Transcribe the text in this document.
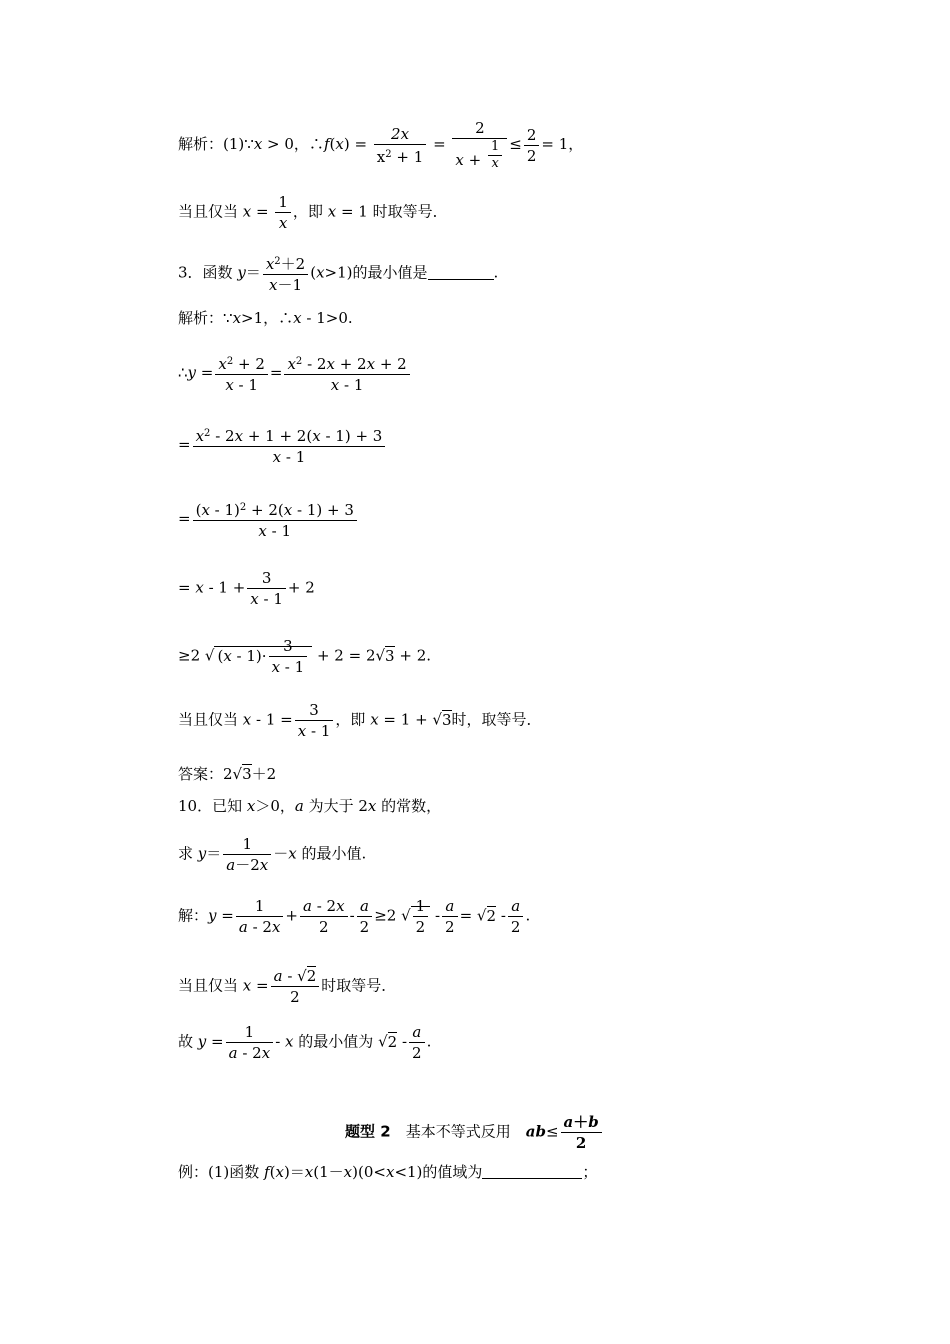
解析：(1)∵x > 0，∴f(x) = $\frac{2x}{x^2 + 1} = \frac{2}{x + \frac{1}{x}} \le \frac{2}{2} = 1$，
当且仅当 $x = \frac{1}{x}$ ，即 x = 1 时取等号．
3．函数 $y= \frac{x^2+2}{x-1} (x>1)$的最小值是	.
解析：∵x>1，∴x - 1>0.
∴y = $\frac{x^2 + 2}{x - 1} = \frac{x^2 - 2x + 2x + 2}{x - 1}$
= $\frac{x^2 - 2x + 1 + 2(x - 1) + 3}{x - 1}$
= $\frac{(x - 1)^2 + 2(x - 1) + 3}{x - 1}$
= $x - 1 + \frac{3}{x - 1} + 2$
≥2 √ $(x - 1)\cdot \frac{3}{x - 1} + 2 = 2√3 + 2$.
当且仅当 $x - 1 = \frac{3}{x - 1}$ ，即 x = 1 + √3时，取等号．
答案：2√3＋2
10．已知 x＞0，a 为大于 2x 的常数，
求 $y= \frac{1}{a-2x} -x$ 的最小值.
解：$y = \frac{1}{a - 2x} + \frac{a - 2x}{2} - \frac{a}{2} \ge 2$ √ $\frac{1}{2} - \frac{a}{2} = √2 - \frac{a}{2}$ .
当且仅当 $x = \frac{a - √2}{2}$ 时取等号．
故 $y = \frac{1}{a - 2x} - x$ 的最小值为 $√2 - \frac{a}{2}$ .
题型 2　 基本不等式反用　 $ab\le \frac{a+b}{2}$
例：(1)函数 f(x)＝x(1－x)(0<x<1)的值域为	；
